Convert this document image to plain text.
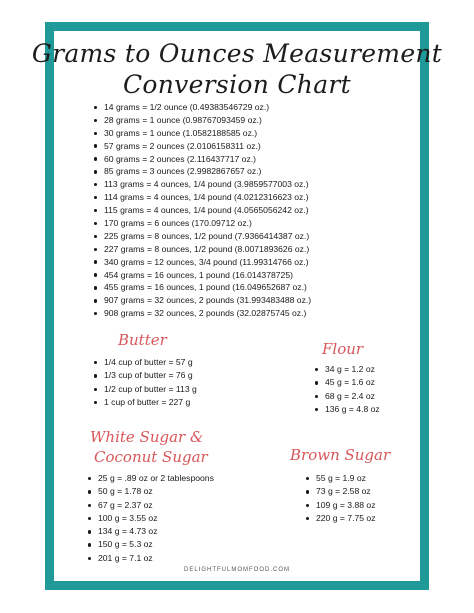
Grams to Ounces Measurement
Conversion Chart
14 grams = 1/2 ounce (0.49383546729 oz.)
28 grams = 1 ounce (0.98767093459 oz.)
30 grams = 1 ounce (1.0582188585 oz.)
57 grams = 2 ounces (2.0106158311 oz.)
60 grams = 2 ounces (2.116437717 oz.)
85 grams = 3 ounces (2.9982867657 oz.)
113 grams = 4 ounces, 1/4 pound (3.9859577003 oz.)
114 grams = 4 ounces, 1/4 pound (4.0212316623 oz.)
115 grams = 4 ounces, 1/4 pound (4.0565056242 oz.)
170 grams = 6 ounces (170.09712 oz.)
225 grams = 8 ounces, 1/2 pound (7.9366414387 oz.)
227 grams = 8 ounces, 1/2 pound (8.0071893626 oz.)
340 grams = 12 ounces, 3/4 pound (11.99314766 oz.)
454 grams = 16 ounces, 1 pound (16.014378725)
455 grams = 16 ounces, 1 pound (16.049652687 oz.)
907 grams = 32 ounces, 2 pounds (31.993483488 oz.)
908 grams = 32 ounces, 2 pounds (32.02875745 oz.)
Butter
1/4 cup of butter = 57 g
1/3 cup of butter = 76 g
1/2 cup of butter = 113 g
1 cup of butter = 227 g
Flour
34 g = 1.2 oz
45 g = 1.6 oz
68 g = 2.4 oz
136 g = 4.8 oz
White Sugar &
Coconut Sugar
25 g = .89 oz or 2 tablespoons
50 g = 1.78 oz
67 g = 2.37 oz
100 g = 3.55 oz
134 g = 4.73 oz
150 g = 5.3 oz
201 g = 7.1 oz
Brown Sugar
55 g = 1.9 oz
73 g = 2.58 oz
109 g = 3.88 oz
220 g = 7.75 oz
DELIGHTFULMOMFOOD.COM
